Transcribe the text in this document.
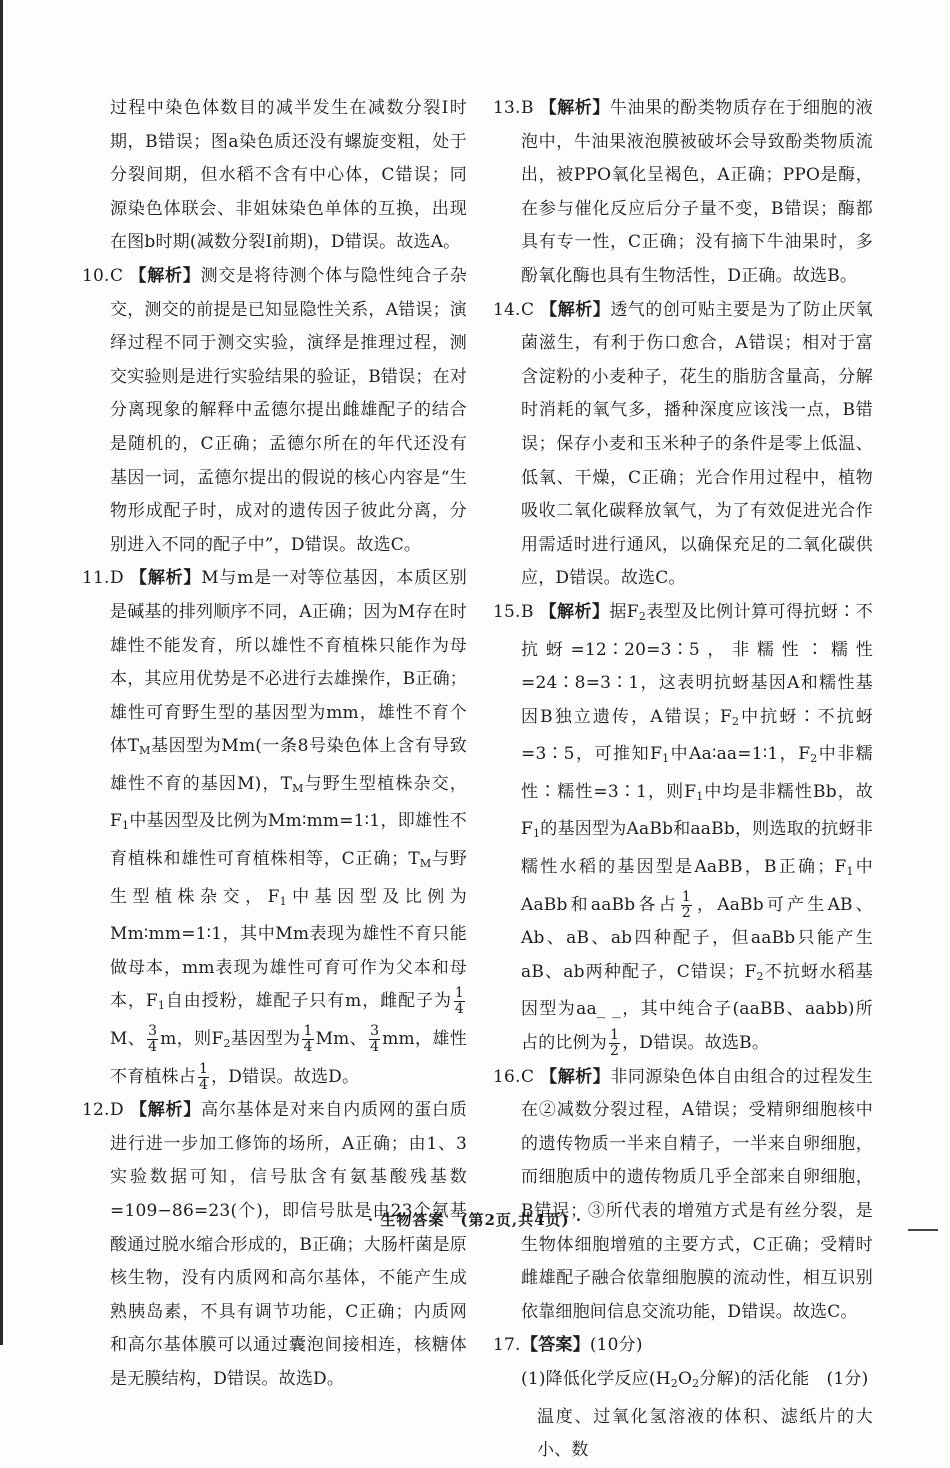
过程中染色体数目的减半发生在减数分裂Ⅰ时期，B错误；图a染色质还没有螺旋变粗，处于分裂间期，但水稻不含有中心体，C错误；同源染色体联会、非姐妹染色单体的互换，出现在图b时期(减数分裂Ⅰ前期)，D错误。故选A。
10. C 【解析】测交是将待测个体与隐性纯合子杂交，测交的前提是已知显隐性关系，A错误；演绎过程不同于测交实验，演绎是推理过程，测交实验则是进行实验结果的验证，B错误；在对分离现象的解释中孟德尔提出雌雄配子的结合是随机的，C正确；孟德尔所在的年代还没有基因一词，孟德尔提出的假说的核心内容是“生物形成配子时，成对的遗传因子彼此分离，分别进入不同的配子中”，D错误。故选C。
11. D 【解析】M与m是一对等位基因，本质区别是碱基的排列顺序不同，A正确；因为M存在时雄性不能发育，所以雄性不育植株只能作为母本，其应用优势是不必进行去雄操作，B正确；雄性可育野生型的基因型为mm，雄性不育个体$T_M$基因型为Mm(一条8号染色体上含有导致雄性不育的基因M)，$T_M$与野生型植株杂交，$F_1$中基因型及比例为Mm∶mm=1∶1，即雄性不育植株和雄性可育植株相等，C正确；$T_M$与野生型植株杂交，$F_1$中基因型及比例为Mm∶mm=1∶1，其中Mm表现为雄性不育只能做母本，mm表现为雄性可育可作为父本和母本，$F_1$自由授粉，雄配子只有m，雌配子为 $\frac{1}{4}$
M、 $\frac{3}{4}$ m，则$F_2$基因型为 $\frac{1}{4}$ Mm、 $\frac{3}{4}$ mm，雄性不育植株占 $\frac{1}{4}$ ，D错误。故选D。
12. D 【解析】高尔基体是对来自内质网的蛋白质进行进一步加工修饰的场所，A正确；由1、3实验数据可知，信号肽含有氨基酸残基数=109−86=23(个)，即信号肽是由23个氨基酸通过脱水缩合形成的，B正确；大肠杆菌是原核生物，没有内质网和高尔基体，不能产生成熟胰岛素，不具有调节功能，C正确；内质网和高尔基体膜可以通过囊泡间接相连，核糖体是无膜结构，D错误。故选D。
13. B 【解析】牛油果的酚类物质存在于细胞的液泡中，牛油果液泡膜被破坏会导致酚类物质流出，被PPO氧化呈褐色，A正确；PPO是酶，在参与催化反应后分子量不变，B错误；酶都具有专一性，C正确；没有摘下牛油果时，多酚氧化酶也具有生物活性，D正确。故选B。
14. C 【解析】透气的创可贴主要是为了防止厌氧菌滋生，有利于伤口愈合，A错误；相对于富含淀粉的小麦种子，花生的脂肪含量高，分解时消耗的氧气多，播种深度应该浅一点，B错误；保存小麦和玉米种子的条件是零上低温、低氧、干燥，C正确；光合作用过程中，植物吸收二氧化碳释放氧气，为了有效促进光合作用需适时进行通风，以确保充足的二氧化碳供应，D错误。故选C。
15. B 【解析】据$F_2$表型及比例计算可得抗蚜∶不抗蚜=12∶20=3∶5，非糯性∶糯性=24∶8=3∶1，这表明抗蚜基因A和糯性基因B独立遗传，A错误；$F_2$中抗蚜∶不抗蚜=3∶5，可推知$F_1$中Aa∶aa=1∶1，$F_2$中非糯性∶糯性=3∶1，则$F_1$中均是非糯性Bb，故$F_1$的基因型为AaBb和aaBb，则选取的抗蚜非糯性水稻的基因型是AaBB，B正确；$F_1$中AaBb和aaBb各占 $\frac{1}{2}$ ，AaBb可产生AB、Ab、aB、ab四种配子，但aaBb只能产生aB、ab两种配子，C错误；$F_2$不抗蚜水稻基因型为aa_ _，其中纯合子(aaBB、aabb)所占的比例为 $\frac{1}{2}$ ，D错误。故选B。
16. C 【解析】非同源染色体自由组合的过程发生在②减数分裂过程，A错误；受精卵细胞核中的遗传物质一半来自精子，一半来自卵细胞，而细胞质中的遗传物质几乎全部来自卵细胞，B错误；③所代表的增殖方式是有丝分裂，是生物体细胞增殖的主要方式，C正确；受精时雌雄配子融合依靠细胞膜的流动性，相互识别依靠细胞间信息交流功能，D错误。故选C。
17. 【答案】(10分)
(1)降低化学反应($H_2O_2$分解)的活化能　(1分)
温度、过氧化氢溶液的体积、滤纸片的大小、数
· 生物答案　(第2页,共4页) ·
